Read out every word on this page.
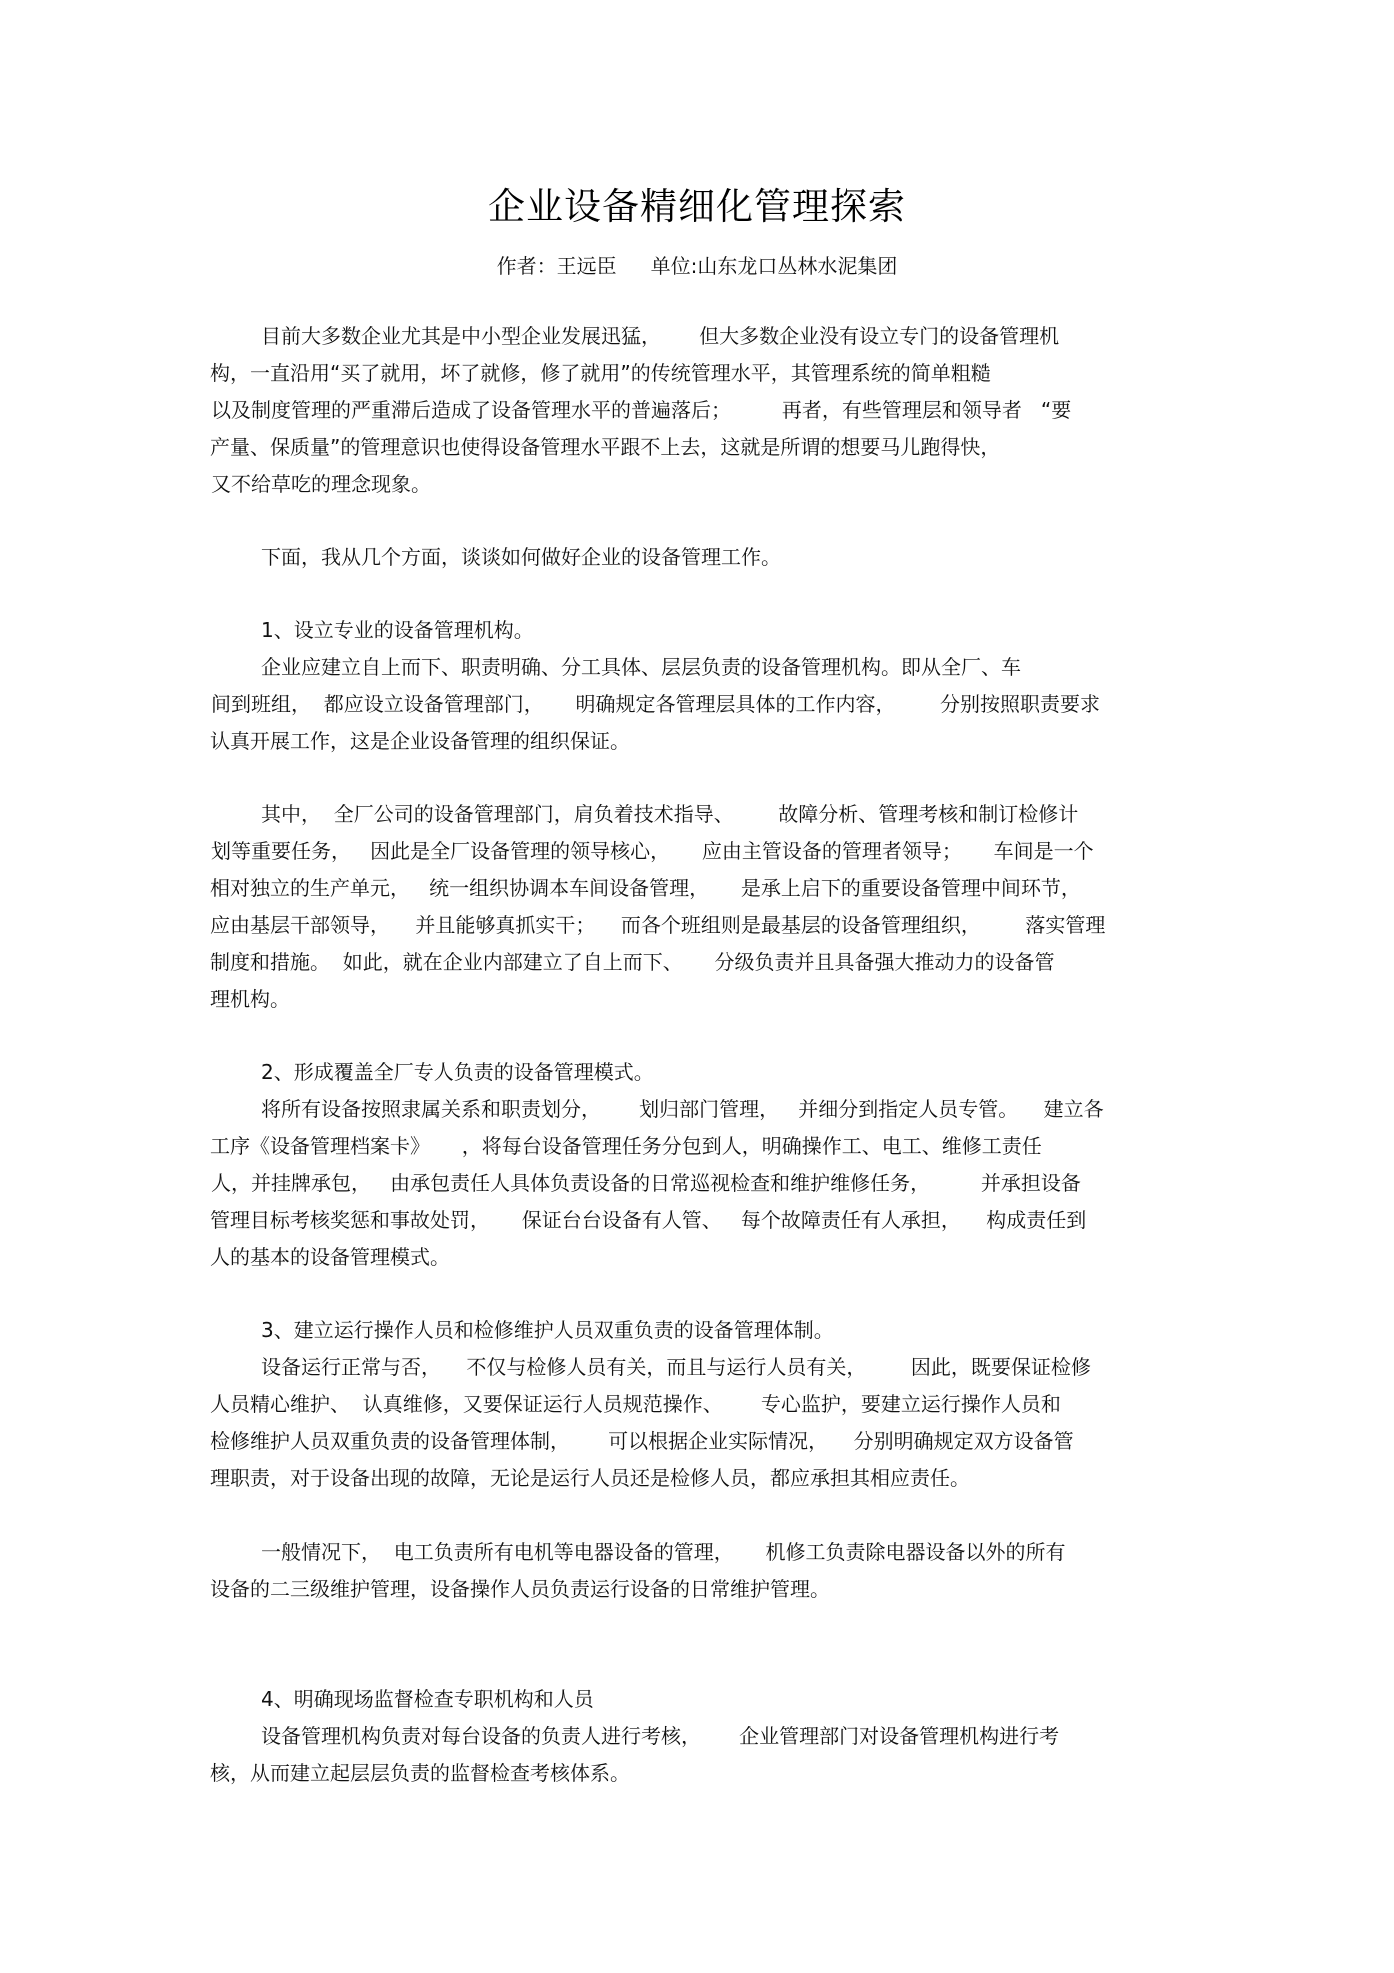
企业设备精细化管理探索
作者：王远臣 单位:山东龙口丛林水泥集团
目前大多数企业尤其是中小型企业发展迅猛，      但大多数企业没有设立专门的设备管理机
构，一直沿用“买了就用，坏了就修，修了就用”的传统管理水平，其管理系统的简单粗糙
以及制度管理的严重滞后造成了设备管理水平的普遍落后；        再者，有些管理层和领导者   “要
产量、保质量”的管理意识也使得设备管理水平跟不上去，这就是所谓的想要马儿跑得快，
又不给草吃的理念现象。
下面，我从几个方面，谈谈如何做好企业的设备管理工作。
1、设立专业的设备管理机构。
企业应建立自上而下、职责明确、分工具体、层层负责的设备管理机构。即从全厂、车
间到班组，  都应设立设备管理部门，     明确规定各管理层具体的工作内容，       分别按照职责要求
认真开展工作，这是企业设备管理的组织保证。
其中，  全厂公司的设备管理部门，肩负着技术指导、       故障分析、管理考核和制订检修计
划等重要任务，   因此是全厂设备管理的领导核心，     应由主管设备的管理者领导；     车间是一个
相对独立的生产单元，   统一组织协调本车间设备管理，     是承上启下的重要设备管理中间环节，
应由基层干部领导，    并且能够真抓实干；    而各个班组则是最基层的设备管理组织，       落实管理
制度和措施。  如此，就在企业内部建立了自上而下、     分级负责并且具备强大推动力的设备管
理机构。
2、形成覆盖全厂专人负责的设备管理模式。
将所有设备按照隶属关系和职责划分，      划归部门管理，   并细分到指定人员专管。    建立各
工序《设备管理档案卡》     ，将每台设备管理任务分包到人，明确操作工、电工、维修工责任
人，并挂牌承包，   由承包责任人具体负责设备的日常巡视检查和维护维修任务，        并承担设备
管理目标考核奖惩和事故处罚，     保证台台设备有人管、   每个故障责任有人承担，    构成责任到
人的基本的设备管理模式。
3、建立运行操作人员和检修维护人员双重负责的设备管理体制。
设备运行正常与否，    不仅与检修人员有关，而且与运行人员有关，       因此，既要保证检修
人员精心维护、  认真维修，又要保证运行人员规范操作、      专心监护，要建立运行操作人员和
检修维护人员双重负责的设备管理体制，      可以根据企业实际情况，    分别明确规定双方设备管
理职责，对于设备出现的故障，无论是运行人员还是检修人员，都应承担其相应责任。
一般情况下，  电工负责所有电机等电器设备的管理，     机修工负责除电器设备以外的所有
设备的二三级维护管理，设备操作人员负责运行设备的日常维护管理。
4、明确现场监督检查专职机构和人员
设备管理机构负责对每台设备的负责人进行考核，      企业管理部门对设备管理机构进行考
核，从而建立起层层负责的监督检查考核体系。
